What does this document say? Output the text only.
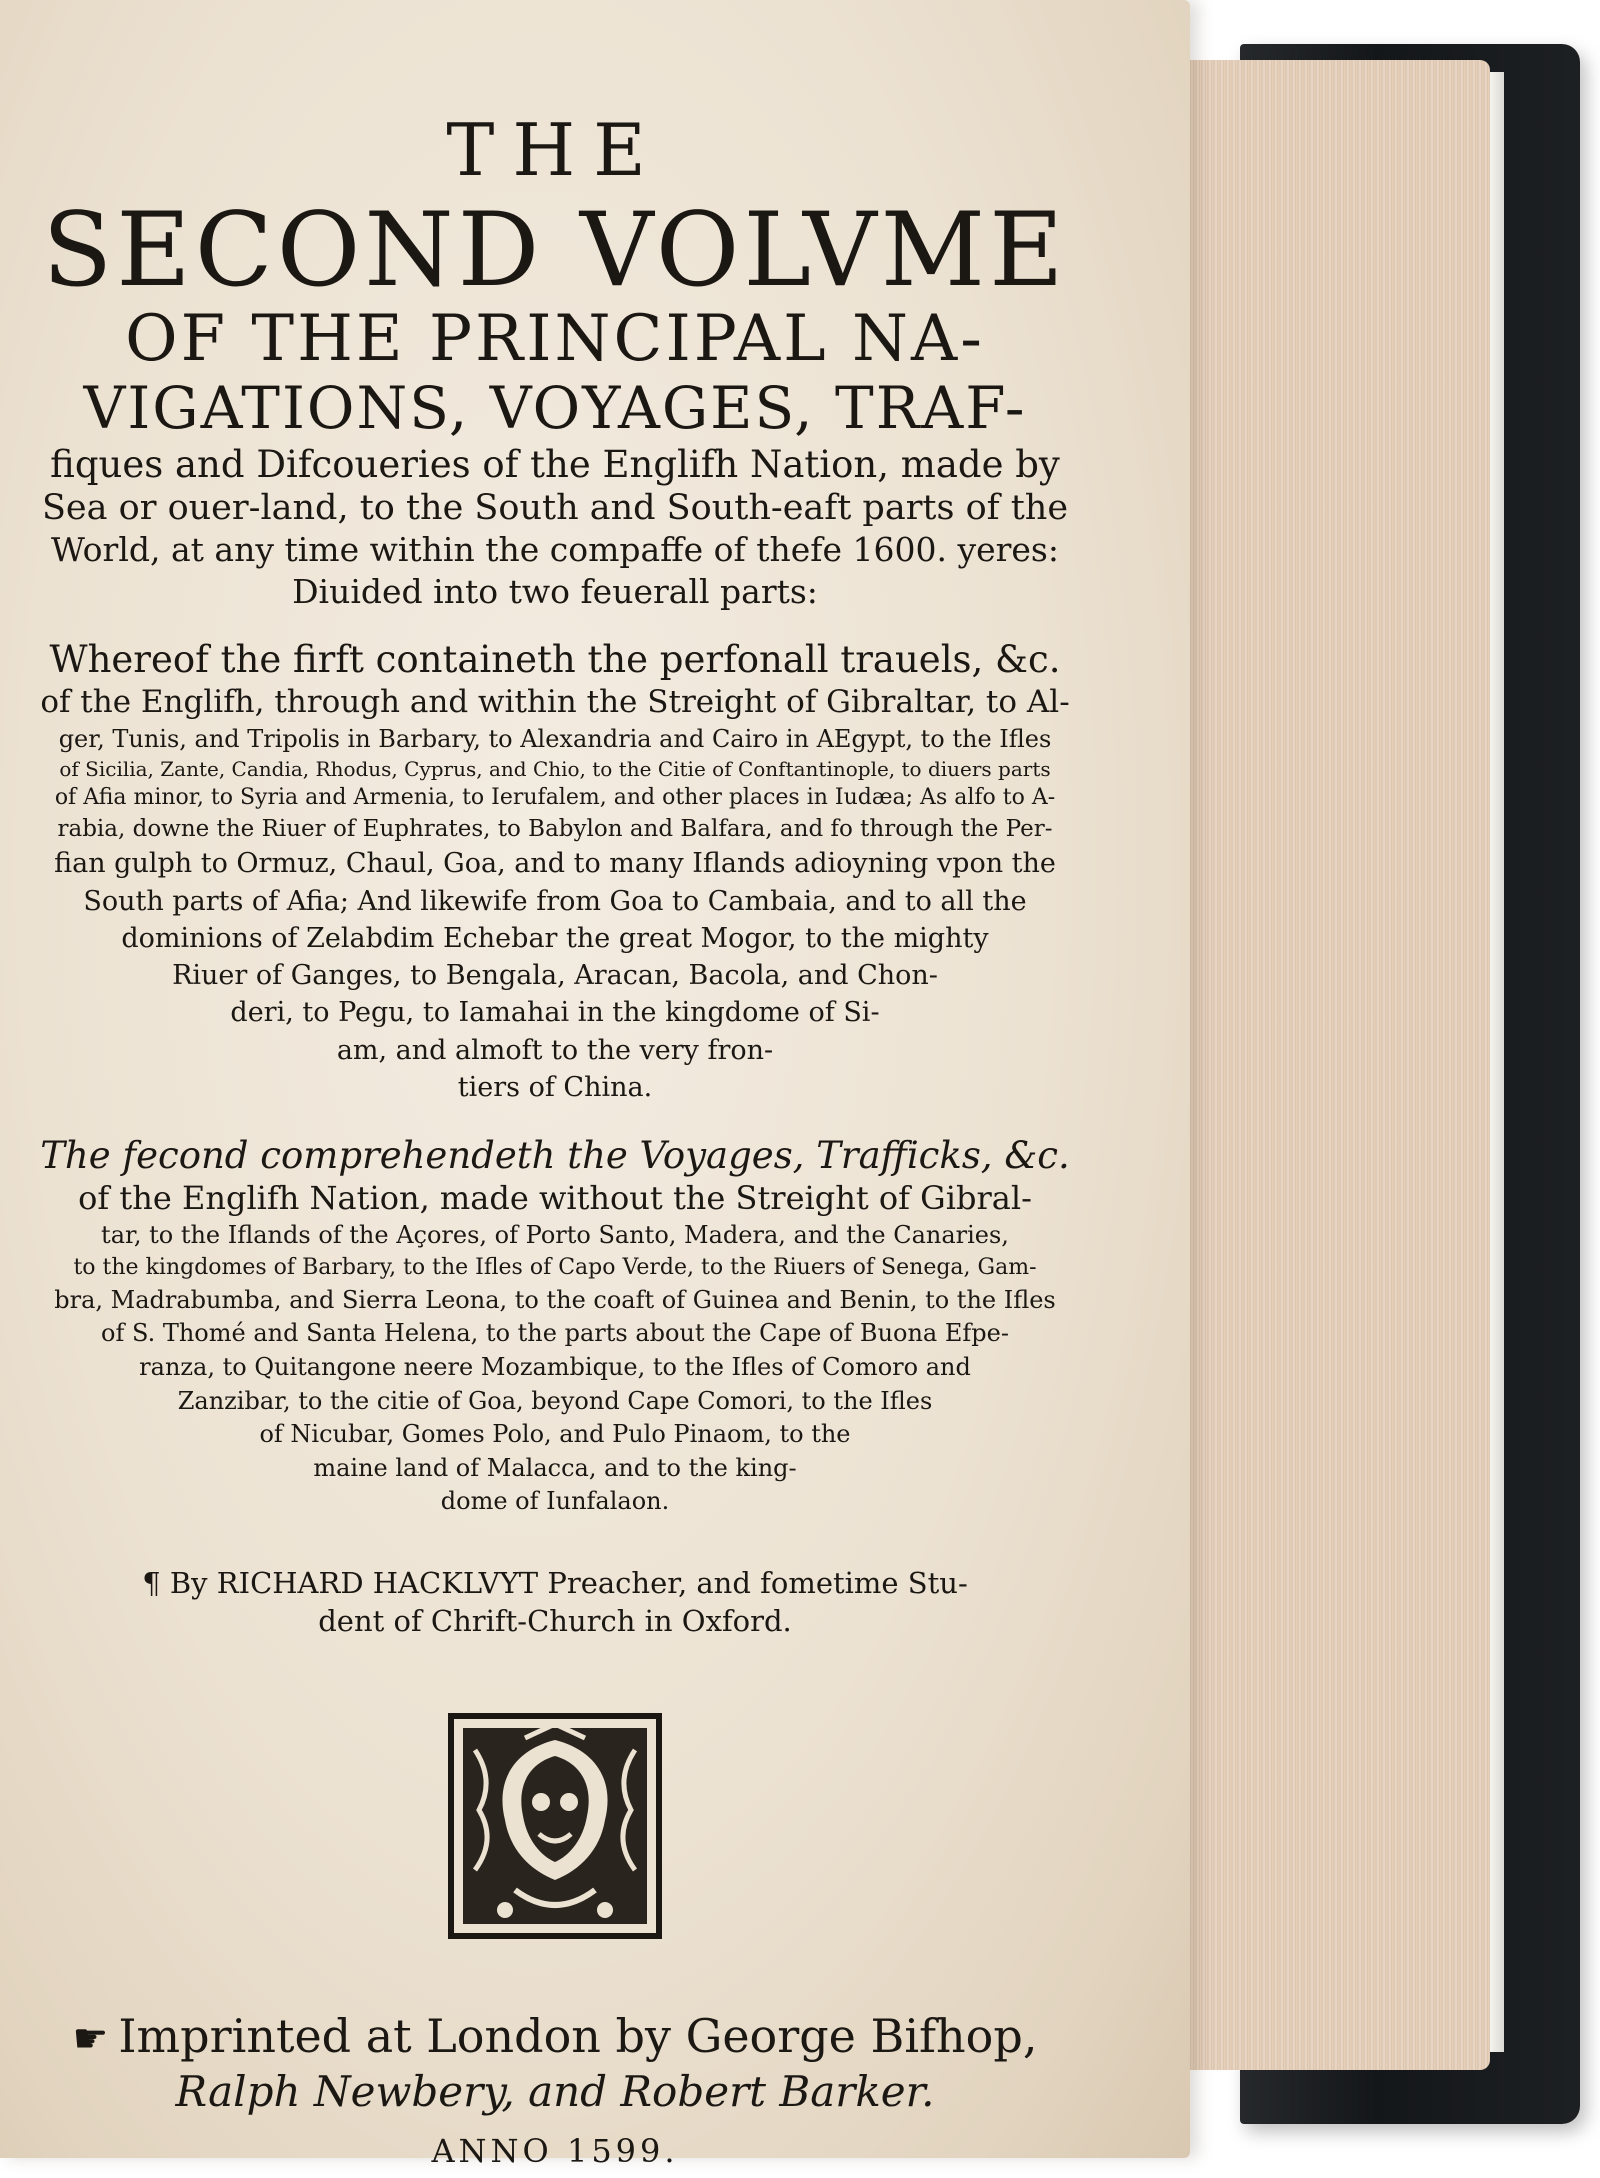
THE

SECOND VOLVME

OF THE PRINCIPAL NA-

VIGATIONS, VOYAGES, TRAF-

fiques and Difcoueries of the Englifh Nation, made by

Sea or ouer-land, to the South and South-eaft parts of the

World, at any time within the compaffe of thefe 1600. yeres:

Diuided into two feuerall parts:

Whereof the firft containeth the perfonall trauels, &c.

of the Englifh, through and within the Streight of Gibraltar, to Al-

ger, Tunis, and Tripolis in Barbary, to Alexandria and Cairo in AEgypt, to the Ifles

of Sicilia, Zante, Candia, Rhodus, Cyprus, and Chio, to the Citie of Conftantinople, to diuers parts

of Afia minor, to Syria and Armenia, to Ierufalem, and other places in Iudæa; As alfo to A-

rabia, downe the Riuer of Euphrates, to Babylon and Balfara, and fo through the Per-

fian gulph to Ormuz, Chaul, Goa, and to many Iflands adioyning vpon the

South parts of Afia; And likewife from Goa to Cambaia, and to all the

dominions of Zelabdim Echebar the great Mogor, to the mighty

Riuer of Ganges, to Bengala, Aracan, Bacola, and Chon-

deri, to Pegu, to Iamahai in the kingdome of Si-

am, and almoft to the very fron-

tiers of China.

The fecond comprehendeth the Voyages, Trafficks, &c.

of the Englifh Nation, made without the Streight of Gibral-

tar, to the Iflands of the Açores, of Porto Santo, Madera, and the Canaries,

to the kingdomes of Barbary, to the Ifles of Capo Verde, to the Riuers of Senega, Gam-

bra, Madrabumba, and Sierra Leona, to the coaft of Guinea and Benin, to the Ifles

of S. Thomé and Santa Helena, to the parts about the Cape of Buona Efpe-

ranza, to Quitangone neere Mozambique, to the Ifles of Comoro and

Zanzibar, to the citie of Goa, beyond Cape Comori, to the Ifles

of Nicubar, Gomes Polo, and Pulo Pinaom, to the

maine land of Malacca, and to the king-

dome of Iunfalaon.

¶ By RICHARD HACKLVYT Preacher, and fometime Stu-

dent of Chrift-Church in Oxford.

☛ Imprinted at London by George Bifhop,

Ralph Newbery, and Robert Barker.

ANNO 1599.
